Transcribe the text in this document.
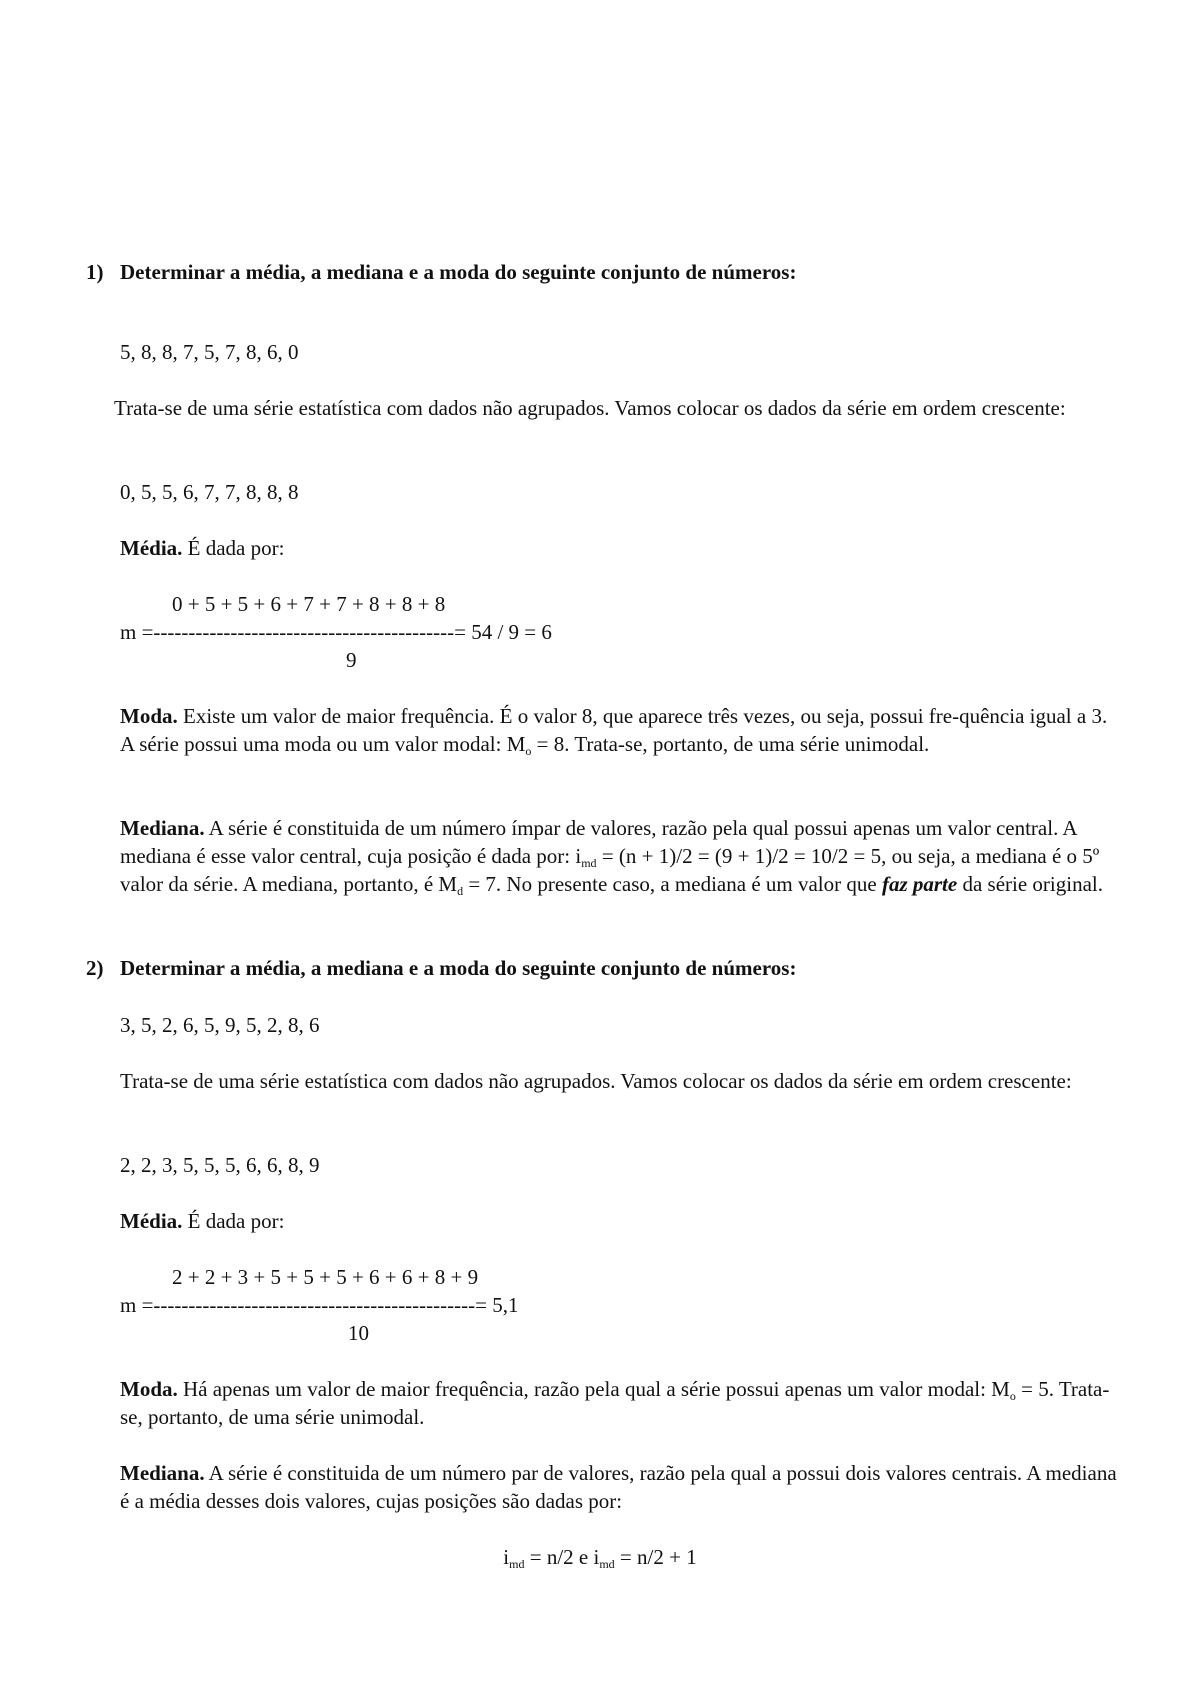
1) Determinar a média, a mediana e a moda do seguinte conjunto de números:
5, 8, 8, 7, 5, 7, 8, 6, 0
Trata-se de uma série estatística com dados não agrupados. Vamos colocar os dados da série em ordem crescente:
0, 5, 5, 6, 7, 7, 8, 8, 8
Média. É dada por:
0 + 5 + 5 + 6 + 7 + 7 + 8 + 8 + 8
m =-------------------------------------------= 54 / 9 = 6
9
Moda. Existe um valor de maior frequência. É o valor 8, que aparece três vezes, ou seja, possui fre-quência igual a 3. A série possui uma moda ou um valor modal: $M_o = 8$. Trata-se, portanto, de uma série unimodal.
Mediana. A série é constituida de um número ímpar de valores, razão pela qual possui apenas um valor central. A mediana é esse valor central, cuja posição é dada por: $i_{md} = (n + 1)/2 = (9 + 1)/2 = 10/2 = 5$, ou seja, a mediana é o 5º valor da série. A mediana, portanto, é $M_d = 7$. No presente caso, a mediana é um valor que faz parte da série original.
2) Determinar a média, a mediana e a moda do seguinte conjunto de números:
3, 5, 2, 6, 5, 9, 5, 2, 8, 6
Trata-se de uma série estatística com dados não agrupados. Vamos colocar os dados da série em ordem crescente:
2, 2, 3, 5, 5, 5, 6, 6, 8, 9
Média. É dada por:
2 + 2 + 3 + 5 + 5 + 5 + 6 + 6 + 8 + 9
m =----------------------------------------------= 5,1
10
Moda. Há apenas um valor de maior frequência, razão pela qual a série possui apenas um valor modal: $M_o = 5$. Trata-se, portanto, de uma série unimodal.
Mediana. A série é constituida de um número par de valores, razão pela qual a possui dois valores centrais. A mediana é a média desses dois valores, cujas posições são dadas por:
$i_{md} = n/2$ e $i_{md} = n/2 + 1$
